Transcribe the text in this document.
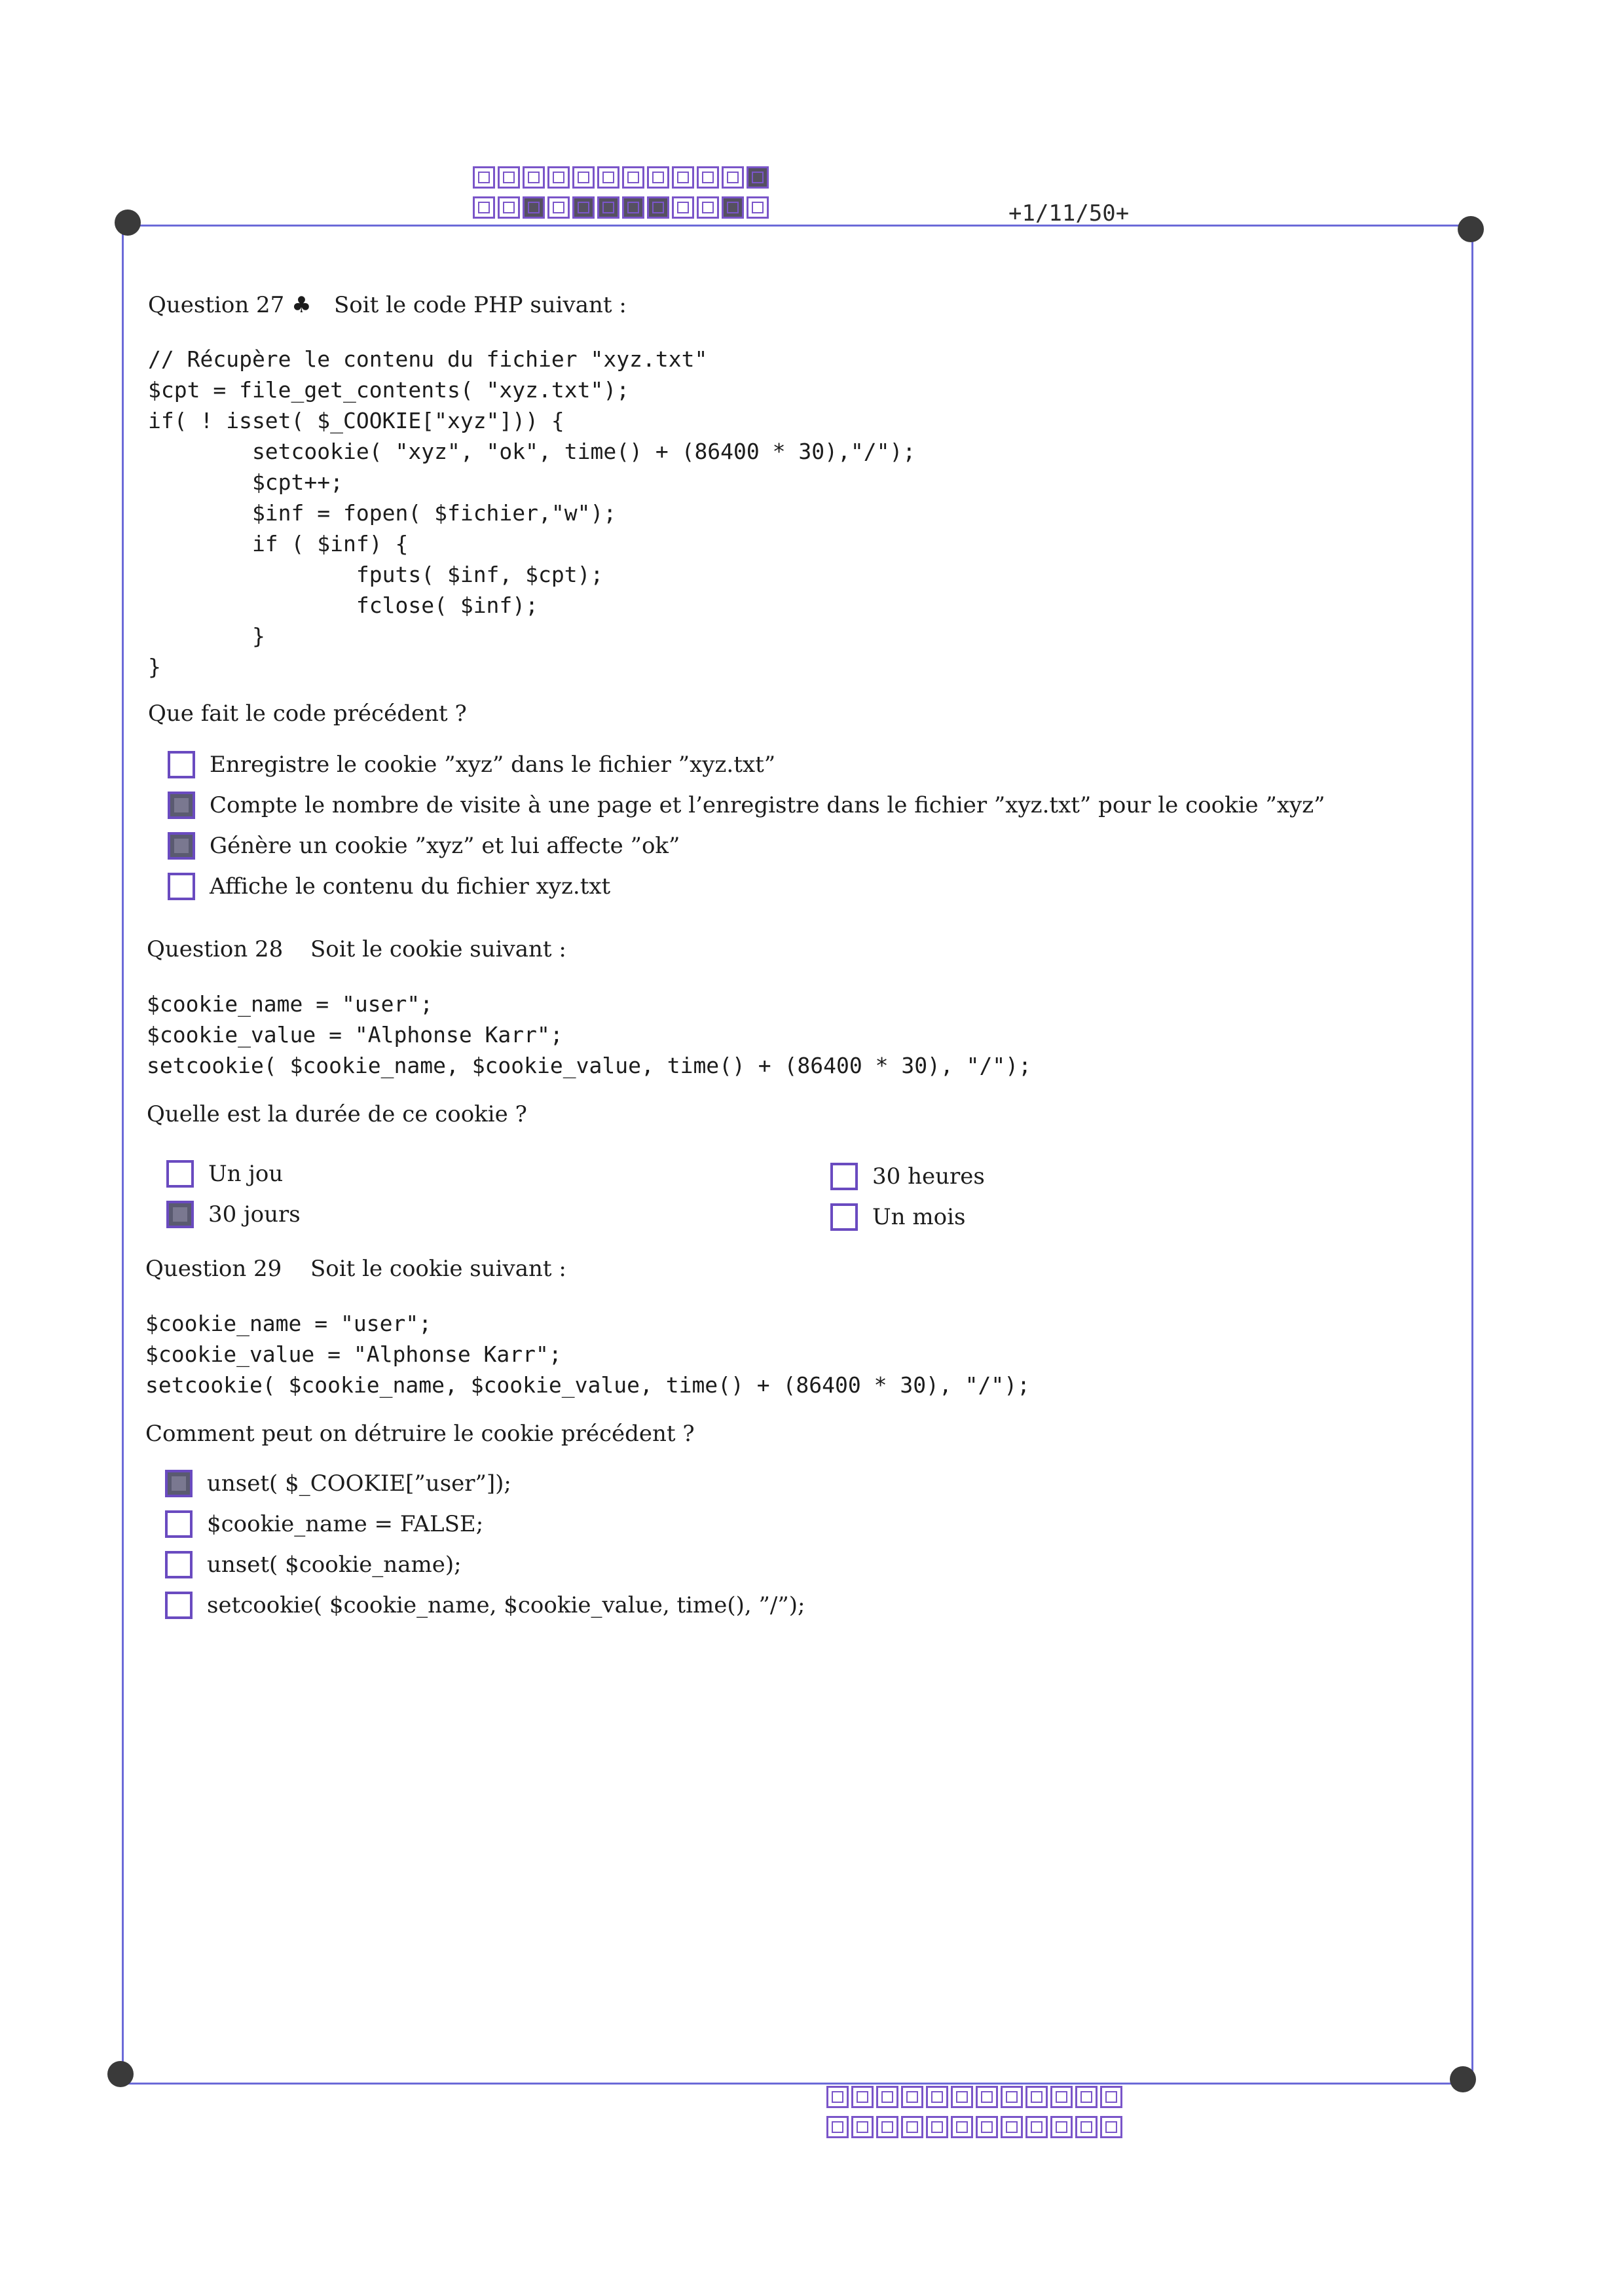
+1/11/50+
Question 27 ♣ Soit le code PHP suivant :
// Récupère le contenu du fichier "xyz.txt"
$cpt = file_get_contents( "xyz.txt");
if( ! isset( $_COOKIE["xyz"])) {
setcookie( "xyz", "ok", time() + (86400 * 30),"/");
$cpt++;
$inf = fopen( $fichier,"w");
if ( $inf) {
fputs( $inf, $cpt);
fclose( $inf);
}
}
Que fait le code précédent ?
Enregistre le cookie ”xyz” dans le fichier ”xyz.txt”
Compte le nombre de visite à une page et l’enregistre dans le fichier ”xyz.txt” pour le cookie ”xyz”
Génère un cookie ”xyz” et lui affecte ”ok”
Affiche le contenu du fichier xyz.txt
Question 28 Soit le cookie suivant :
$cookie_name = "user";
$cookie_value = "Alphonse Karr";
setcookie( $cookie_name, $cookie_value, time() + (86400 * 30), "/");
Quelle est la durée de ce cookie ?
Un jou
30 jours
30 heures
Un mois
Question 29 Soit le cookie suivant :
$cookie_name = "user";
$cookie_value = "Alphonse Karr";
setcookie( $cookie_name, $cookie_value, time() + (86400 * 30), "/");
Comment peut on détruire le cookie précédent ?
unset( $_COOKIE[”user”]);
$cookie_name = FALSE;
unset( $cookie_name);
setcookie( $cookie_name, $cookie_value, time(), ”/”);
